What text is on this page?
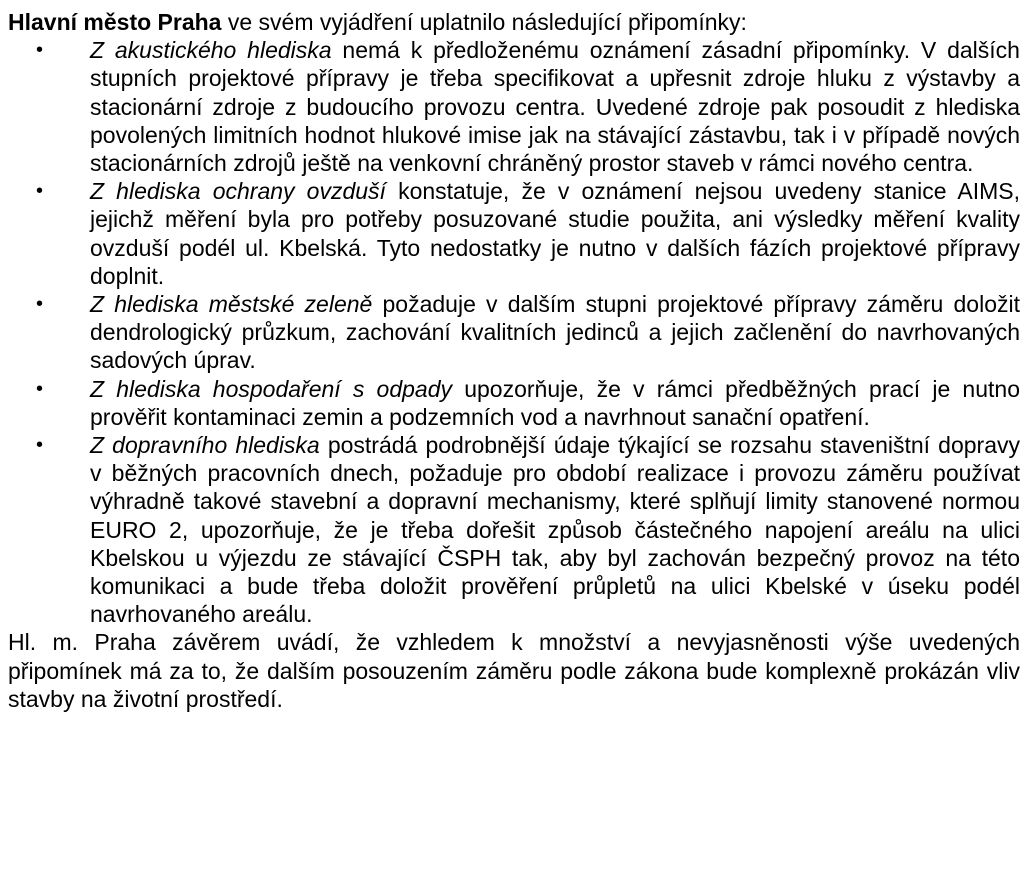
Hlavní město Praha ve svém vyjádření uplatnilo následující připomínky:

• Z akustického hlediska nemá k předloženému oznámení zásadní připomínky. V dalších stupních projektové přípravy je třeba specifikovat a upřesnit zdroje hluku z výstavby a stacionární zdroje z budoucího provozu centra. Uvedené zdroje pak posoudit z hlediska povolených limitních hodnot hlukové imise jak na stávající zástavbu, tak i v případě nových stacionárních zdrojů ještě na venkovní chráněný prostor staveb v rámci nového centra.
• Z hlediska ochrany ovzduší konstatuje, že v oznámení nejsou uvedeny stanice AIMS, jejichž měření byla pro potřeby posuzované studie použita, ani výsledky měření kvality ovzduší podél ul. Kbelská. Tyto nedostatky je nutno v dalších fázích projektové přípravy doplnit.
• Z hlediska městské zeleně požaduje v dalším stupni projektové přípravy záměru doložit dendrologický průzkum, zachování kvalitních jedinců a jejich začlenění do navrhovaných sadových úprav.
• Z hlediska hospodaření s odpady upozorňuje, že v rámci předběžných prací je nutno prověřit kontaminaci zemin a podzemních vod a navrhnout sanační opatření.
• Z dopravního hlediska postrádá podrobnější údaje týkající se rozsahu staveništní dopravy v běžných pracovních dnech, požaduje pro období realizace i provozu záměru používat výhradně takové stavební a dopravní mechanismy, které splňují limity stanovené normou EURO 2, upozorňuje, že je třeba dořešit způsob částečného napojení areálu na ulici Kbelskou u výjezdu ze stávající ČSPH tak, aby byl zachován bezpečný provoz na této komunikaci a bude třeba doložit prověření průpletů na ulici Kbelské v úseku podél navrhovaného areálu.

Hl. m. Praha závěrem uvádí, že vzhledem k množství a nevyjasněnosti výše uvedených připomínek má za to, že dalším posouzením záměru podle zákona bude komplexně prokázán vliv stavby na životní prostředí.
